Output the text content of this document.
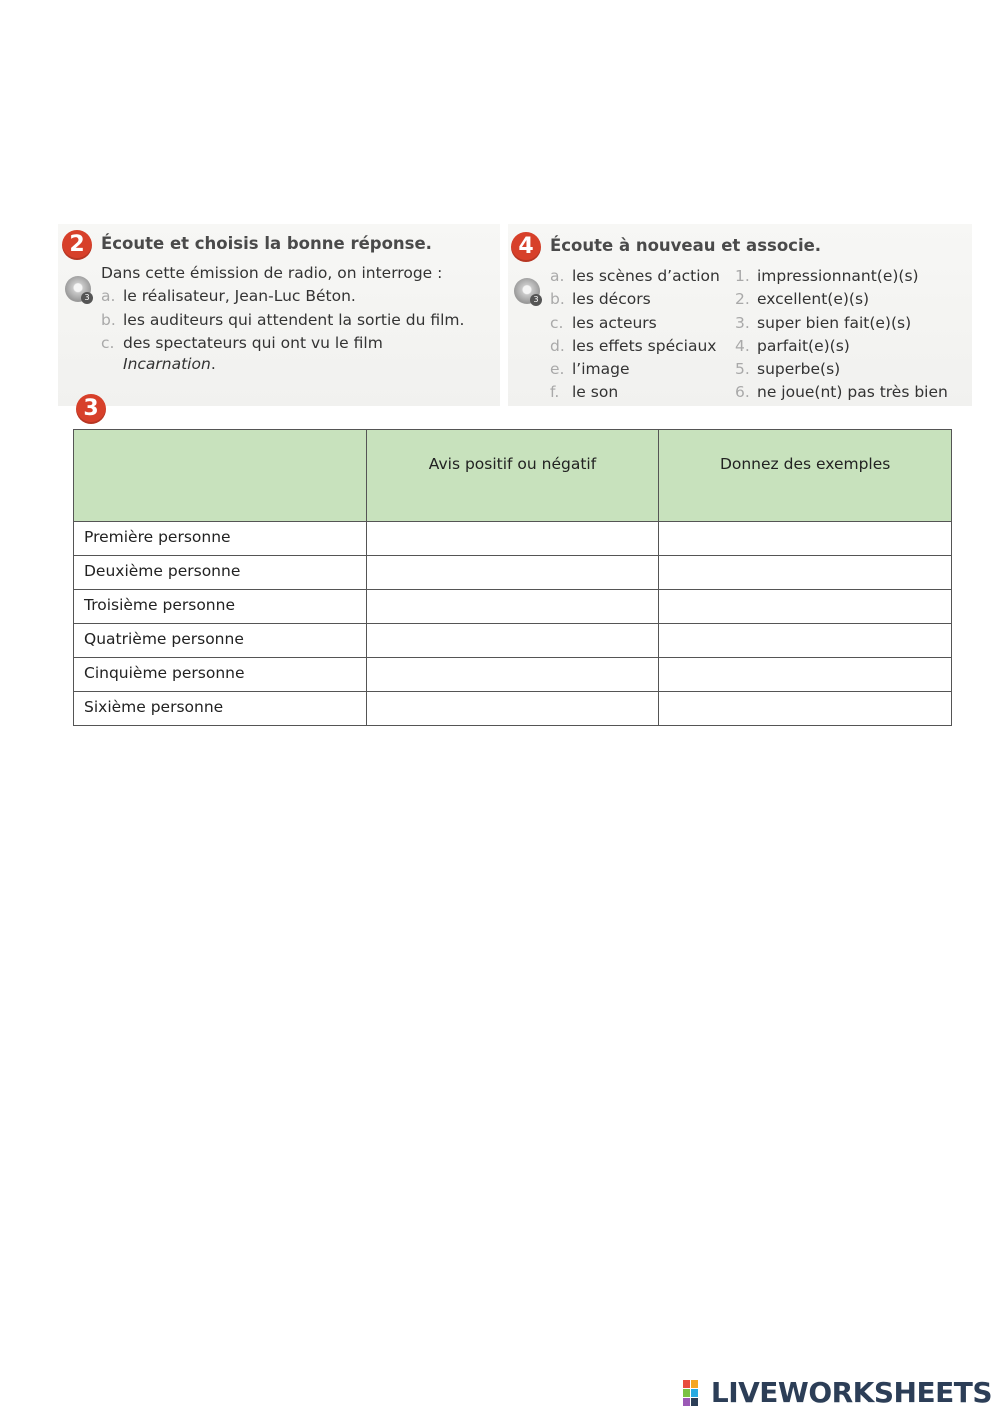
2 Écoute et choisis la bonne réponse.
Dans cette émission de radio, on interroge :
3 a. le réalisateur, Jean-Luc Béton.
b. les auditeurs qui attendent la sortie du film.
c. des spectateurs qui ont vu le film
Incarnation.
4 Écoute à nouveau et associe.
3
a. les scènes d’action
b. les décors
c. les acteurs
d. les effets spéciaux
e. l’image
f. le son
1. impressionnant(e)(s)
2. excellent(e)(s)
3. super bien fait(e)(s)
4. parfait(e)(s)
5. superbe(s)
6. ne joue(nt) pas très bien
3
	Avis positif ou négatif	Donnez des exemples
Première personne		
Deuxième personne		
Troisième personne		
Quatrième personne		
Cinquième personne		
Sixième personne		
LIVEWORKSHEETS
